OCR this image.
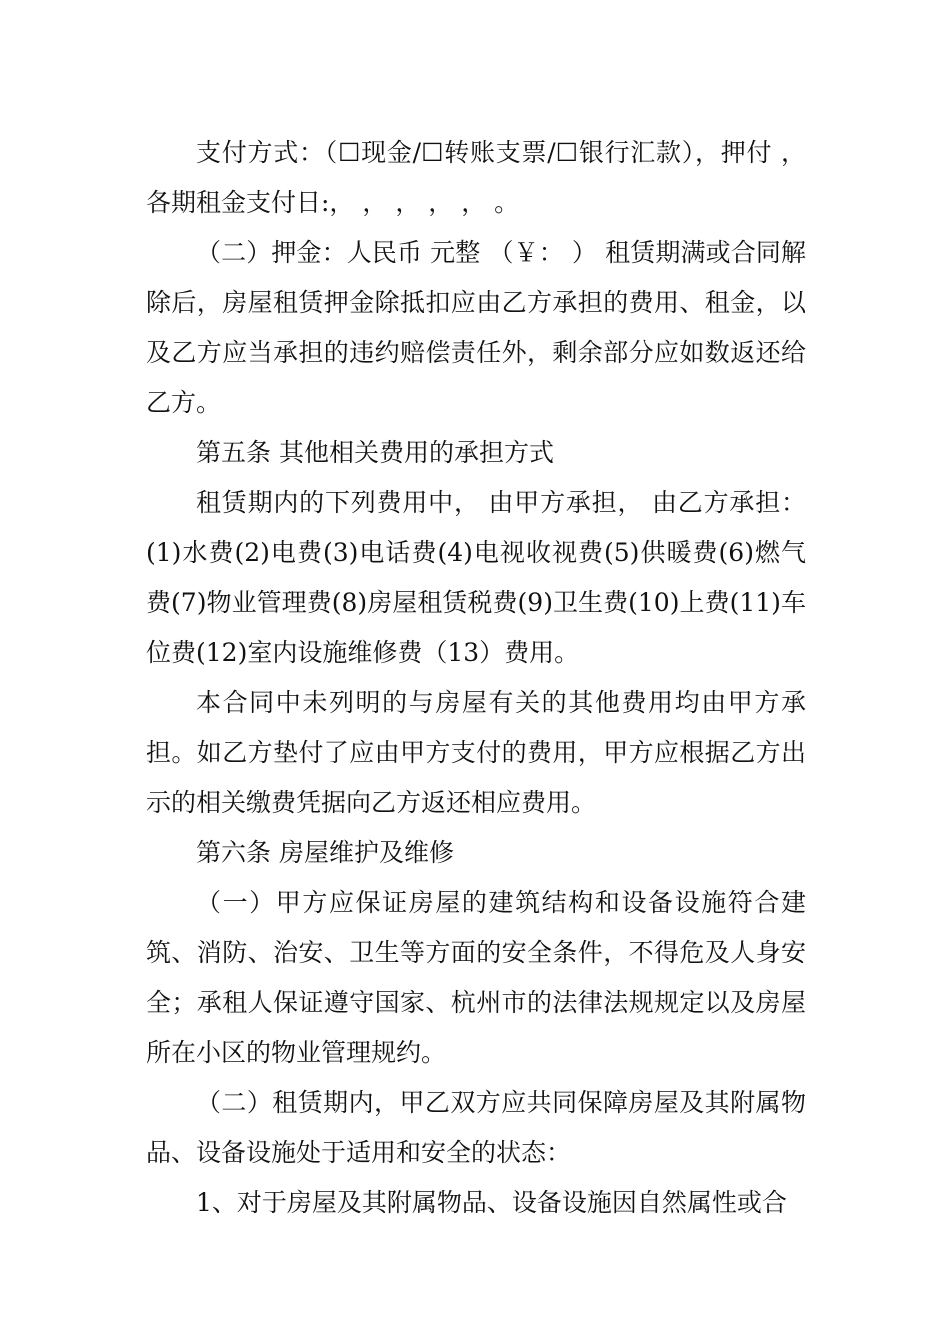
支付方式：（☐现金/☐转账支票/☐银行汇款），押付 ，各期租金支付日:， ， ， ， ， 。

（二）押金：人民币 元整 （￥： ） 租赁期满或合同解除后，房屋租赁押金除抵扣应由乙方承担的费用、租金，以及乙方应当承担的违约赔偿责任外，剩余部分应如数返还给乙方。

第五条 其他相关费用的承担方式

租赁期内的下列费用中， 由甲方承担， 由乙方承担：(1)水费(2)电费(3)电话费(4)电视收视费(5)供暖费(6)燃气费(7)物业管理费(8)房屋租赁税费(9)卫生费(10)上费(11)车位费(12)室内设施维修费（13）费用。

本合同中未列明的与房屋有关的其他费用均由甲方承担。如乙方垫付了应由甲方支付的费用，甲方应根据乙方出示的相关缴费凭据向乙方返还相应费用。

第六条 房屋维护及维修

（一）甲方应保证房屋的建筑结构和设备设施符合建筑、消防、治安、卫生等方面的安全条件，不得危及人身安全；承租人保证遵守国家、杭州市的法律法规规定以及房屋所在小区的物业管理规约。

（二）租赁期内，甲乙双方应共同保障房屋及其附属物品、设备设施处于适用和安全的状态：

1、对于房屋及其附属物品、设备设施因自然属性或合
